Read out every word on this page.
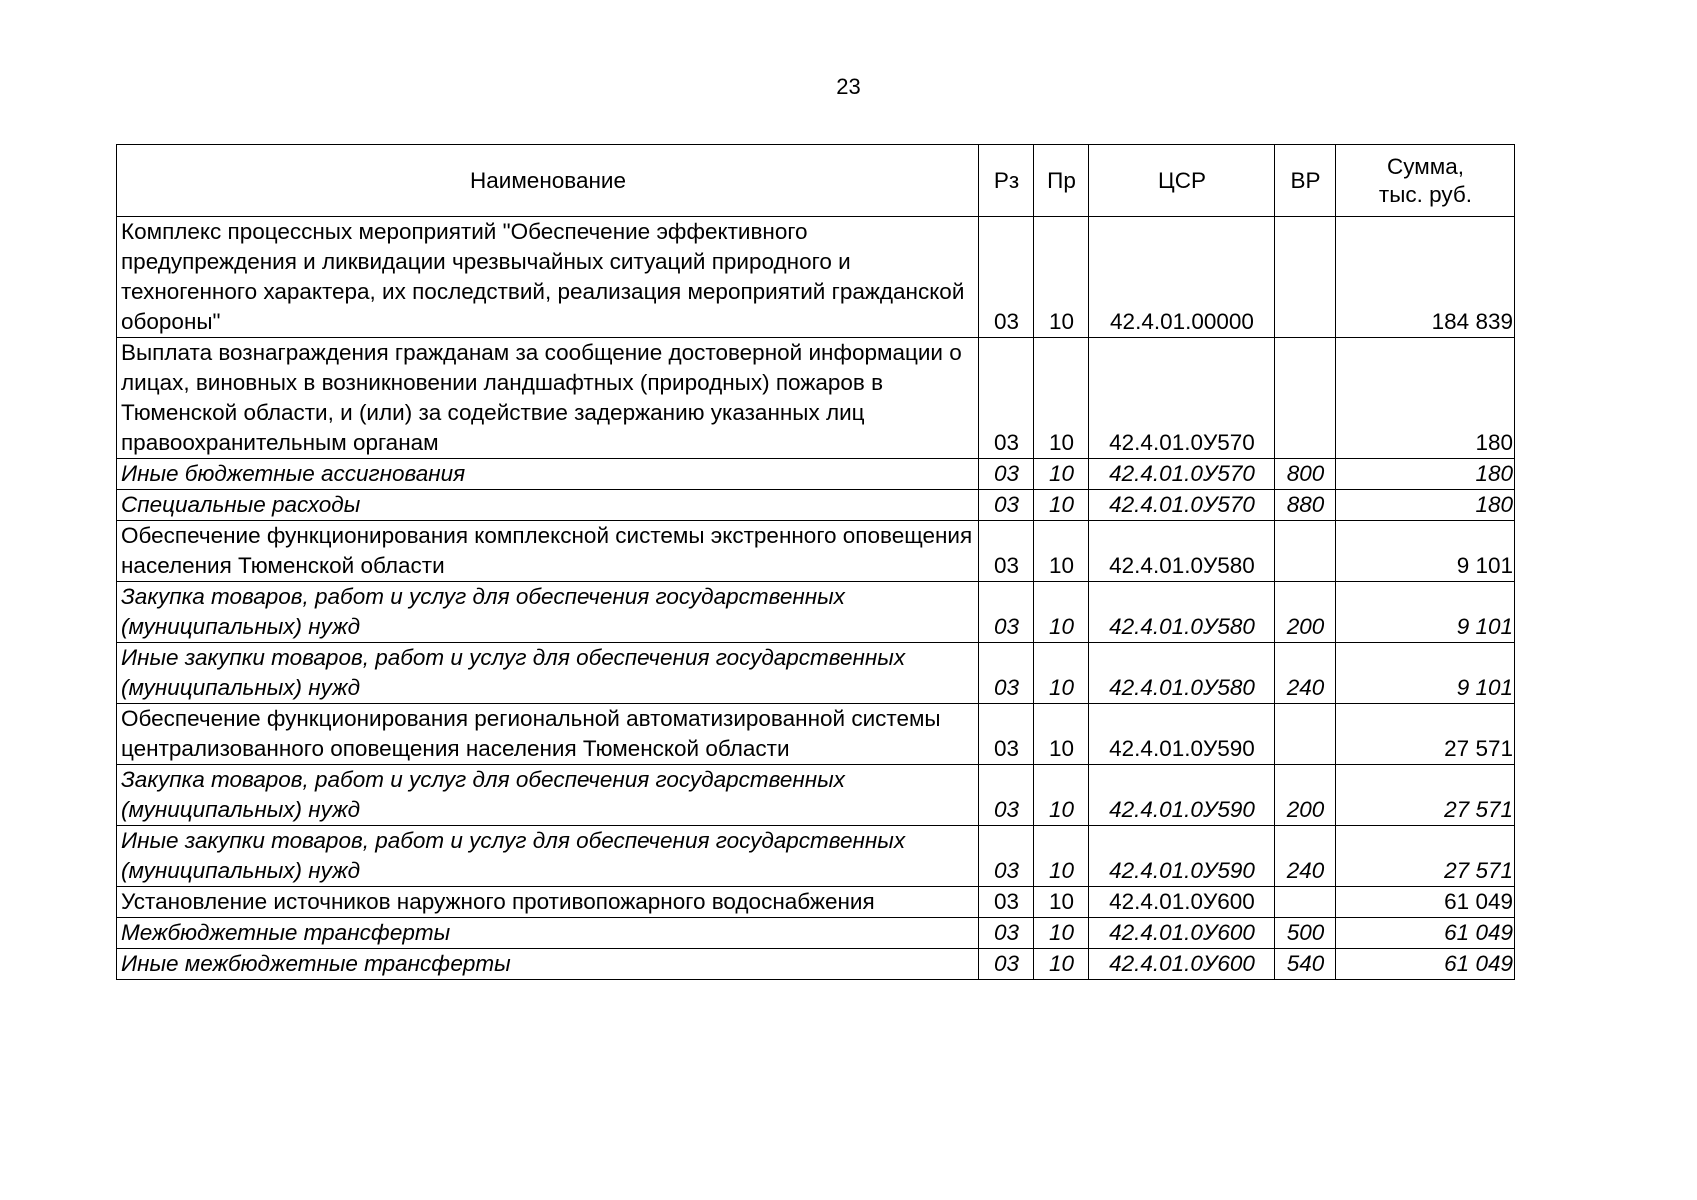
23
Наименование	Рз	Пр	ЦСР	ВР	Сумма,
тыс. руб.

Комплекс процессных мероприятий "Обеспечение эффективного предупреждения и ликвидации чрезвычайных ситуаций природного и техногенного характера, их последствий, реализация мероприятий гражданской обороны"	03	10	42.4.01.00000		184 839
Выплата вознаграждения гражданам за сообщение достоверной информации о лицах, виновных в возникновении ландшафтных (природных) пожаров в Тюменской области, и (или) за содействие задержанию указанных лиц правоохранительным органам	03	10	42.4.01.0У570		180
Иные бюджетные ассигнования	03	10	42.4.01.0У570	800	180
Специальные расходы	03	10	42.4.01.0У570	880	180
Обеспечение функционирования комплексной системы экстренного оповещения населения Тюменской области	03	10	42.4.01.0У580		9 101
Закупка товаров, работ и услуг для обеспечения государственных (муниципальных) нужд	03	10	42.4.01.0У580	200	9 101
Иные закупки товаров, работ и услуг для обеспечения государственных (муниципальных) нужд	03	10	42.4.01.0У580	240	9 101
Обеспечение функционирования региональной автоматизированной системы централизованного оповещения населения Тюменской области	03	10	42.4.01.0У590		27 571
Закупка товаров, работ и услуг для обеспечения государственных (муниципальных) нужд	03	10	42.4.01.0У590	200	27 571
Иные закупки товаров, работ и услуг для обеспечения государственных (муниципальных) нужд	03	10	42.4.01.0У590	240	27 571
Установление источников наружного противопожарного водоснабжения	03	10	42.4.01.0У600		61 049
Межбюджетные трансферты	03	10	42.4.01.0У600	500	61 049
Иные межбюджетные трансферты	03	10	42.4.01.0У600	540	61 049
